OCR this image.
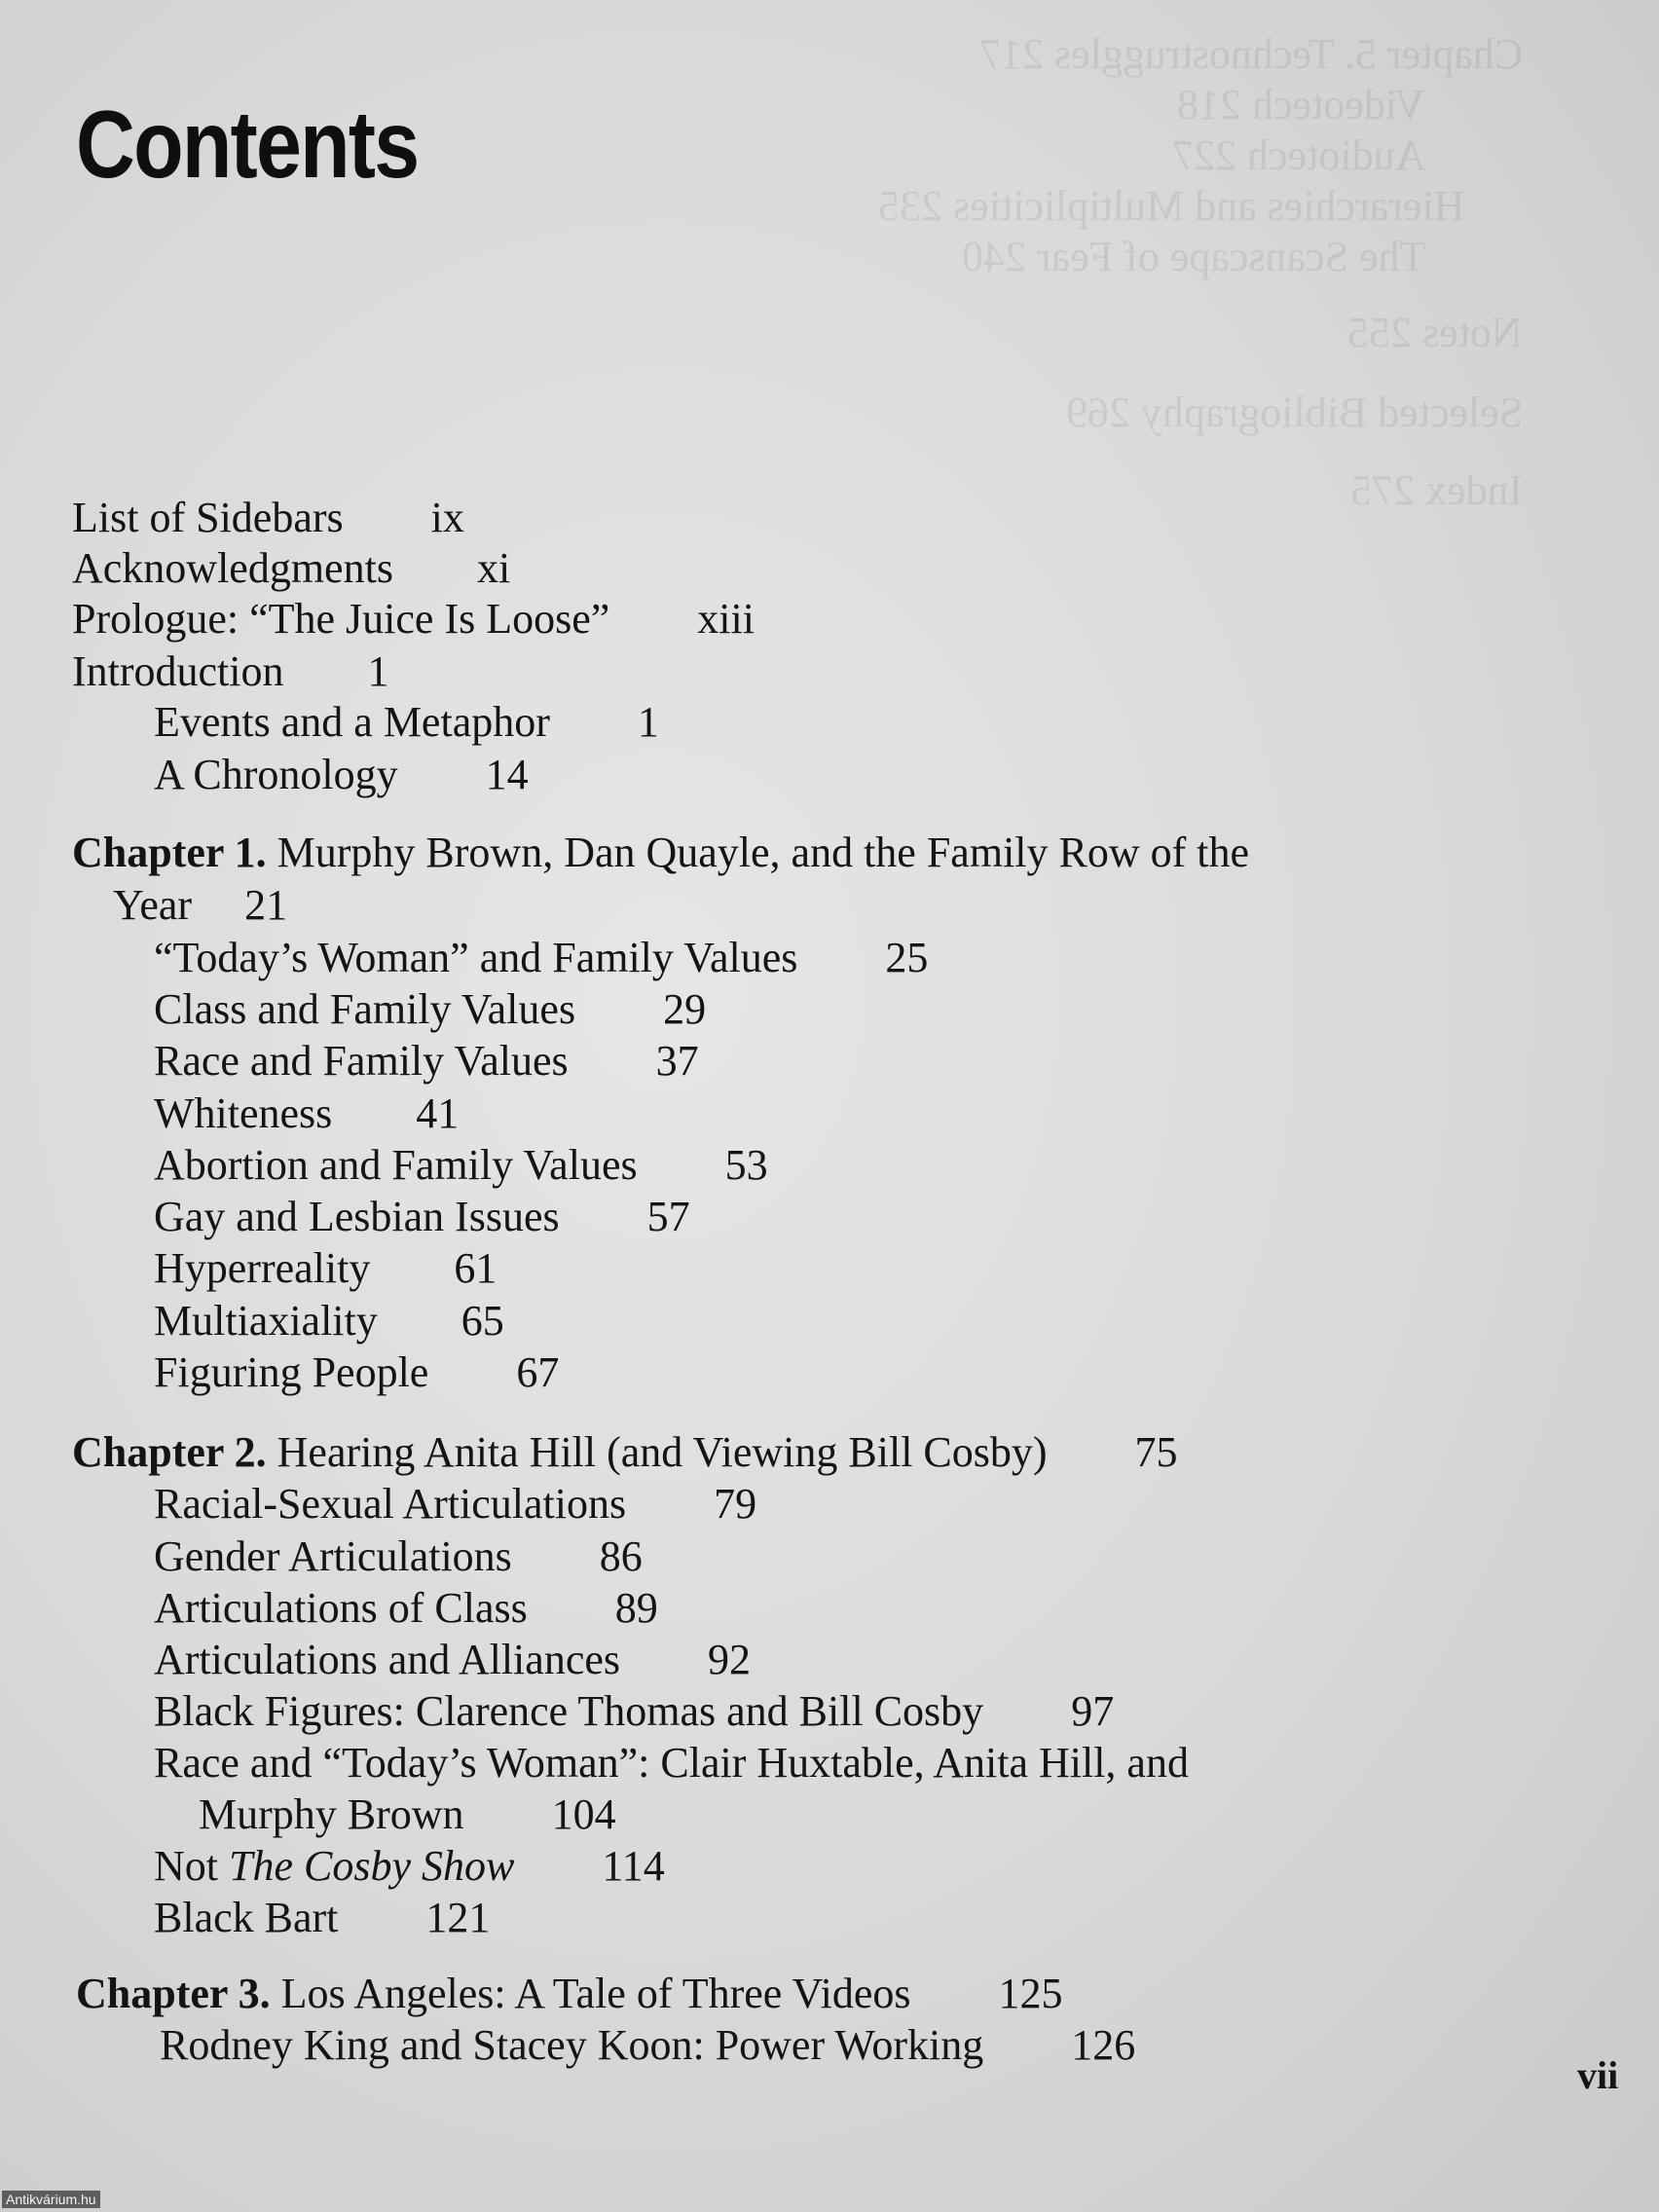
Chapter 5. Technostruggles 217
Videotech 218
Audiotech 227
Hierarchies and Multiplicities 235
The Scanscape of Fear 240
Notes 255
Selected Bibliography 269
Index 275
Contents
List of Sidebars ix
Acknowledgments xi
Prologue: “The Juice Is Loose” xiii
Introduction 1
Events and a Metaphor 1
A Chronology 14
Chapter 1. Murphy Brown, Dan Quayle, and the Family Row of the
Year 21
“Today’s Woman” and Family Values 25
Class and Family Values 29
Race and Family Values 37
Whiteness 41
Abortion and Family Values 53
Gay and Lesbian Issues 57
Hyperreality 61
Multiaxiality 65
Figuring People 67
Chapter 2. Hearing Anita Hill (and Viewing Bill Cosby) 75
Racial-Sexual Articulations 79
Gender Articulations 86
Articulations of Class 89
Articulations and Alliances 92
Black Figures: Clarence Thomas and Bill Cosby 97
Race and “Today’s Woman”: Clair Huxtable, Anita Hill, and
Murphy Brown 104
Not The Cosby Show 114
Black Bart 121
Chapter 3. Los Angeles: A Tale of Three Videos 125
Rodney King and Stacey Koon: Power Working 126
vii
Antikvárium.hu
